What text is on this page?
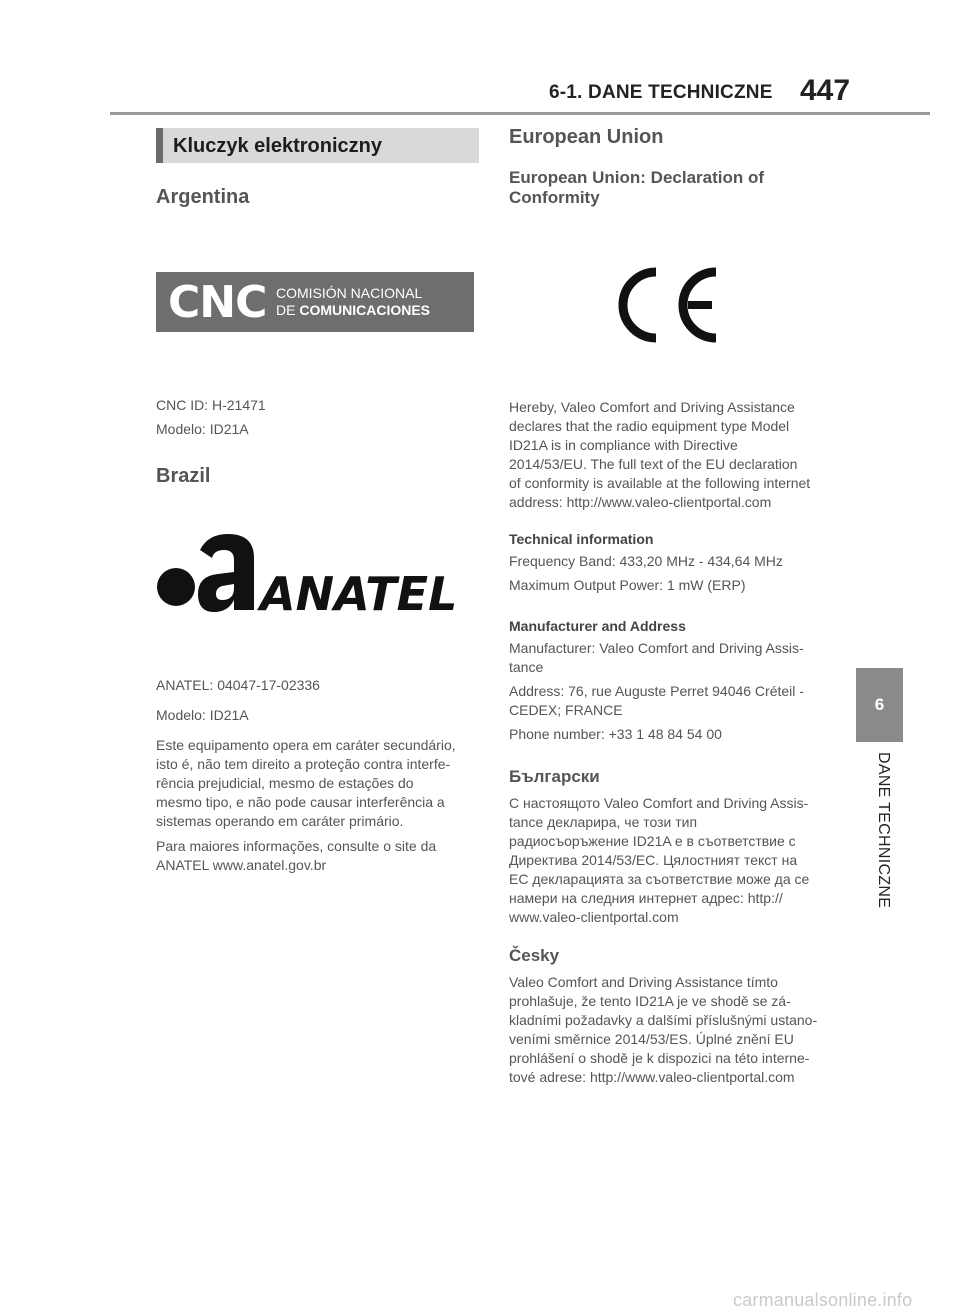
6-1. DANE TECHNICZNE 447
6
DANE TECHNICZNE
Kluczyk elektroniczny
Argentina
CNC COMISIÓN NACIONAL
DE COMUNICACIONES

CNC ID: H-21471

Modelo: ID21A

Brazil
ANATEL

ANATEL: 04047-17-02336

Modelo: ID21A

Este equipamento opera em caráter secundário,

isto é, não tem direito a proteção contra interfe-

rência prejudicial, mesmo de estações do

mesmo tipo, e não pode causar interferência a

sistemas operando em caráter primário.

Para maiores informações, consulte o site da

ANATEL www.anatel.gov.br

European Union

European Union: Declaration of

Conformity

Hereby, Valeo Comfort and Driving Assistance

declares that the radio equipment type Model

ID21A is in compliance with Directive

2014/53/EU. The full text of the EU declaration

of conformity is available at the following internet

address: http://www.valeo-clientportal.com

Technical information

Frequency Band: 433,20 MHz - 434,64 MHz

Maximum Output Power: 1 mW (ERP)

Manufacturer and Address

Manufacturer: Valeo Comfort and Driving Assis-

tance

Address: 76, rue Auguste Perret 94046 Créteil -

CEDEX; FRANCE

Phone number: +33 1 48 84 54 00

Български

С настоящото Valeo Comfort and Driving Assis-

tance декларира, че този тип

радиосъоръжение ID21A е в съответствие с

Директива 2014/53/ЕС. Цялостният текст на

ЕС декларацията за съответствие може да се

намери на следния интернет адрес: http://

www.valeo-clientportal.com

Česky

Valeo Comfort and Driving Assistance tímto

prohlašuje, že tento ID21A je ve shodě se zá-

kladními požadavky a dalšími příslušnými ustano-

veními směrnice 2014/53/ES. Úplné znění EU

prohlášení o shodě je k dispozici na této interne-

tové adrese: http://www.valeo-clientportal.com

carmanualsonline.info
